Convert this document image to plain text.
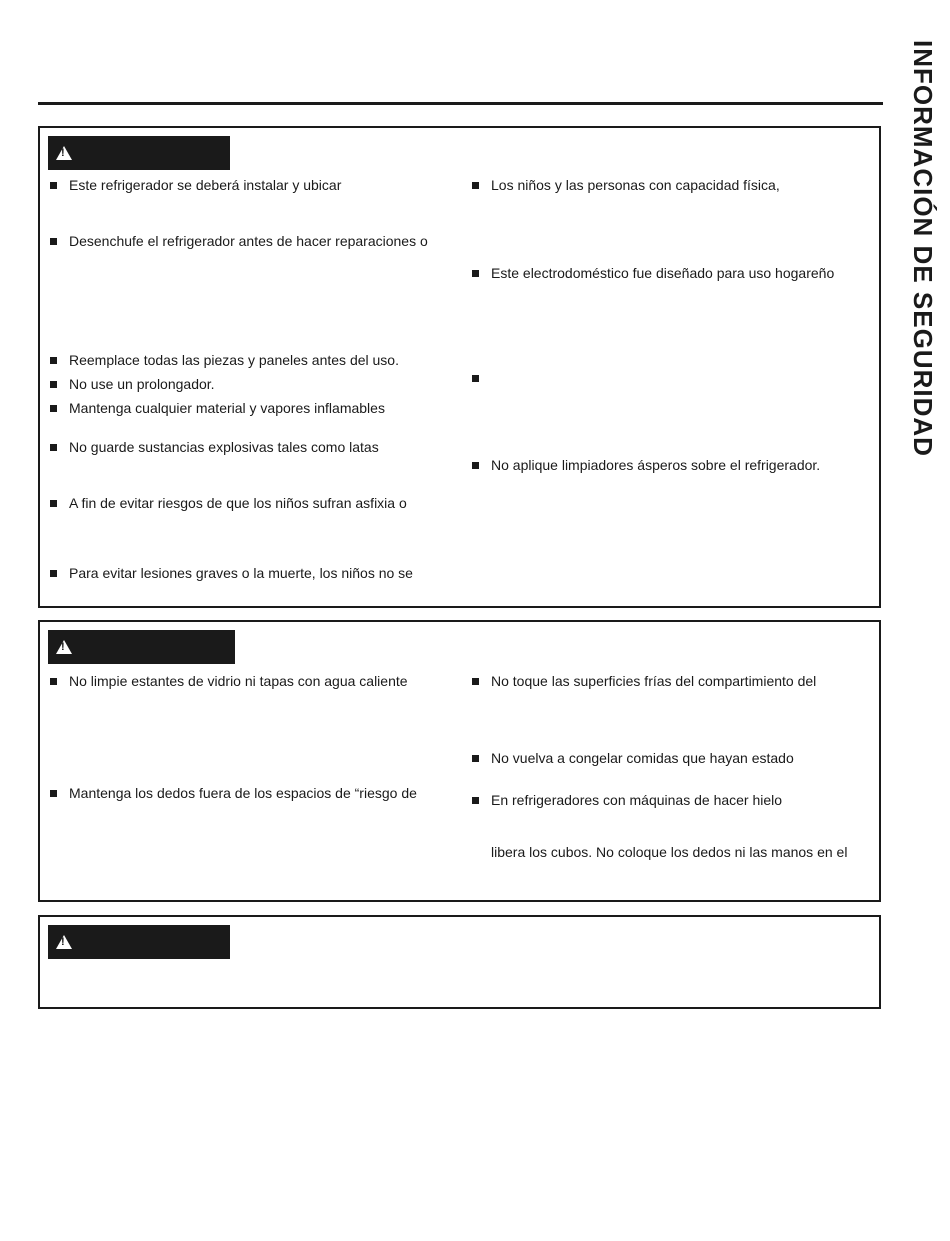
INFORMACIÓN DE SEGURIDAD
!
Este refrigerador se deberá instalar y ubicar
Desenchufe el refrigerador antes de hacer reparaciones o
Reemplace todas las piezas y paneles antes del uso.
No use un prolongador.
Mantenga cualquier material y vapores inflamables
No guarde sustancias explosivas tales como latas
A fin de evitar riesgos de que los niños sufran asfixia o
Para evitar lesiones graves o la muerte, los niños no se
Los niños y las personas con capacidad física,
Este electrodoméstico fue diseñado para uso hogareño
No aplique limpiadores ásperos sobre el refrigerador.
!
No limpie estantes de vidrio ni tapas con agua caliente
Mantenga los dedos fuera de los espacios de “riesgo de
No toque las superficies frías del compartimiento del
No vuelva a congelar comidas que hayan estado
En refrigeradores con máquinas de hacer hielo
libera los cubos. No coloque los dedos ni las manos en el
!
